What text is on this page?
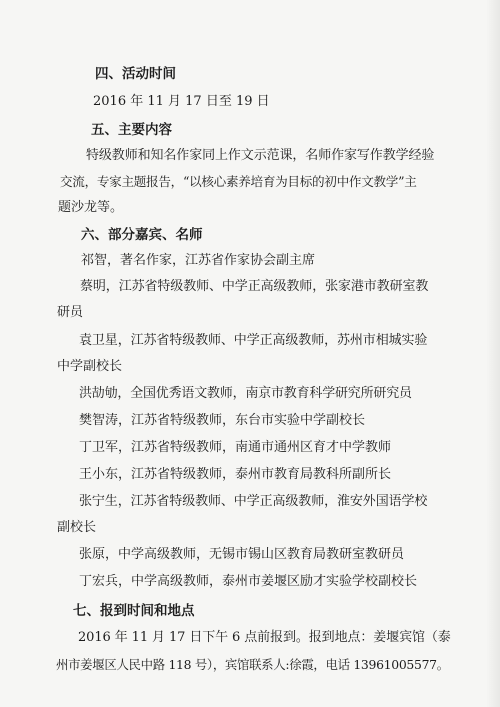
四、活动时间
2016 年 11 月 17 日至 19 日
五、主要内容
特级教师和知名作家同上作文示范课，名师作家写作教学经验
交流，专家主题报告，“以核心素养培育为目标的初中作文教学”主
题沙龙等。
六、部分嘉宾、名师
祁智，著名作家，江苏省作家协会副主席
蔡明，江苏省特级教师、中学正高级教师，张家港市教研室教
研员
袁卫星，江苏省特级教师、中学正高级教师，苏州市相城实验
中学副校长
洪劼劬，全国优秀语文教师，南京市教育科学研究所研究员
樊智涛，江苏省特级教师，东台市实验中学副校长
丁卫军，江苏省特级教师，南通市通州区育才中学教师
王小东，江苏省特级教师，泰州市教育局教科所副所长
张宁生，江苏省特级教师、中学正高级教师，淮安外国语学校
副校长
张原，中学高级教师，无锡市锡山区教育局教研室教研员
丁宏兵，中学高级教师，泰州市姜堰区励才实验学校副校长
七、报到时间和地点
2016 年 11 月 17 日下午 6 点前报到。报到地点：姜堰宾馆（泰
州市姜堰区人民中路 118 号），宾馆联系人:徐霞，电话 13961005577。
